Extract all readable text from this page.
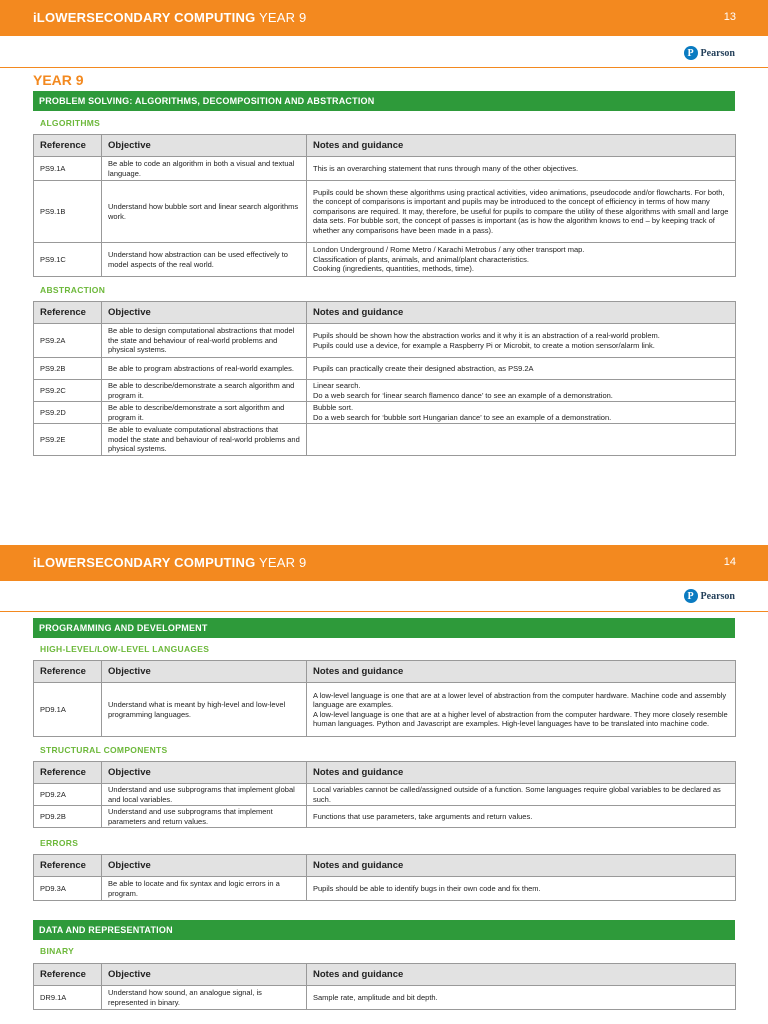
iLOWERSECONDARY COMPUTING YEAR 9	13
P Pearson
YEAR 9
PROBLEM SOLVING: ALGORITHMS, DECOMPOSITION AND ABSTRACTION
ALGORITHMS
Reference	Objective	Notes and guidance
PS9.1A	Be able to code an algorithm in both a visual and textual language.	This is an overarching statement that runs through many of the other objectives.
PS9.1B	Understand how bubble sort and linear search algorithms work.	Pupils could be shown these algorithms using practical activities, video animations, pseudocode and/or flowcharts. For both, the concept of comparisons is important and pupils may be introduced to the concept of efficiency in terms of how many comparisons are required. It may, therefore, be useful for pupils to compare the utility of these algorithms with small and large data sets. For bubble sort, the concept of passes is important (as is how the algorithm knows to end – by keeping track of whether any comparisons have been made in a pass).
PS9.1C	Understand how abstraction can be used effectively to model aspects of the real world.	London Underground / Rome Metro / Karachi Metrobus / any other transport map.
Classification of plants, animals, and animal/plant characteristics.
Cooking (ingredients, quantities, methods, time).
ABSTRACTION
Reference	Objective	Notes and guidance
PS9.2A	Be able to design computational abstractions that model the state and behaviour of real-world problems and physical systems.	Pupils should be shown how the abstraction works and it why it is an abstraction of a real-world problem.
Pupils could use a device, for example a Raspberry Pi or Microbit, to create a motion sensor/alarm link.
PS9.2B	Be able to program abstractions of real-world examples.	Pupils can practically create their designed abstraction, as PS9.2A
PS9.2C	Be able to describe/demonstrate a search algorithm and program it.	Linear search.
Do a web search for ‘linear search flamenco dance’ to see an example of a demonstration.
PS9.2D	Be able to describe/demonstrate a sort algorithm and program it.	Bubble sort.
Do a web search for ‘bubble sort Hungarian dance’ to see an example of a demonstration.
PS9.2E	Be able to evaluate computational abstractions that model the state and behaviour of real-world problems and physical systems.	
iLOWERSECONDARY COMPUTING YEAR 9	14
P Pearson
PROGRAMMING AND DEVELOPMENT
HIGH-LEVEL/LOW-LEVEL LANGUAGES
Reference	Objective	Notes and guidance
PD9.1A	Understand what is meant by high-level and low-level programming languages.	A low-level language is one that are at a lower level of abstraction from the computer hardware. Machine code and assembly language are examples.
A low-level language is one that are at a higher level of abstraction from the computer hardware. They more closely resemble human languages. Python and Javascript are examples. High-level languages have to be translated into machine code.
STRUCTURAL COMPONENTS
Reference	Objective	Notes and guidance
PD9.2A	Understand and use subprograms that implement global and local variables.	Local variables cannot be called/assigned outside of a function. Some languages require global variables to be declared as such.
PD9.2B	Understand and use subprograms that implement parameters and return values.	Functions that use parameters, take arguments and return values.
ERRORS
Reference	Objective	Notes and guidance
PD9.3A	Be able to locate and fix syntax and logic errors in a program.	Pupils should be able to identify bugs in their own code and fix them.
DATA AND REPRESENTATION
BINARY
Reference	Objective	Notes and guidance
DR9.1A	Understand how sound, an analogue signal, is represented in binary.	Sample rate, amplitude and bit depth.
